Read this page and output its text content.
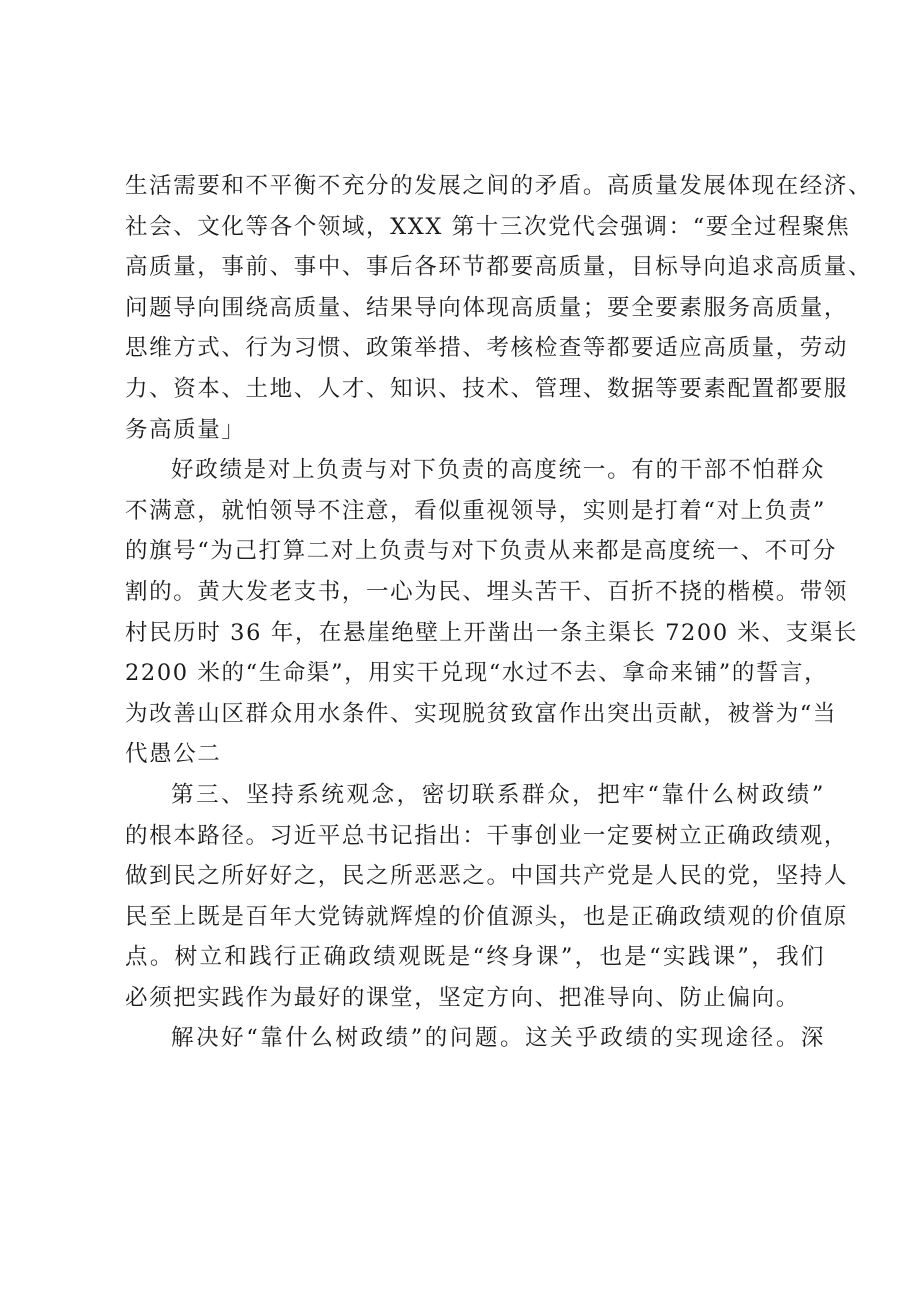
生活需要和不平衡不充分的发展之间的矛盾。高质量发展体现在经济、
社会、文化等各个领域，XXX 第十三次党代会强调：“要全过程聚焦
高质量，事前、事中、事后各环节都要高质量，目标导向追求高质量、
问题导向围绕高质量、结果导向体现高质量；要全要素服务高质量，
思维方式、行为习惯、政策举措、考核检查等都要适应高质量，劳动
力、资本、土地、人才、知识、技术、管理、数据等要素配置都要服
务高质量」
好政绩是对上负责与对下负责的高度统一。有的干部不怕群众
不满意，就怕领导不注意，看似重视领导，实则是打着“对上负责”
的旗号“为己打算二对上负责与对下负责从来都是高度统一、不可分
割的。黄大发老支书，一心为民、埋头苦干、百折不挠的楷模。带领
村民历时 36 年，在悬崖绝壁上开凿出一条主渠长 7200 米、支渠长
2200 米的“生命渠”，用实干兑现“水过不去、拿命来铺”的誓言，
为改善山区群众用水条件、实现脱贫致富作出突出贡献，被誉为“当
代愚公二
第三、坚持系统观念，密切联系群众，把牢“靠什么树政绩”
的根本路径。习近平总书记指出：干事创业一定要树立正确政绩观，
做到民之所好好之，民之所恶恶之。中国共产党是人民的党，坚持人
民至上既是百年大党铸就辉煌的价值源头，也是正确政绩观的价值原
点。树立和践行正确政绩观既是“终身课”，也是“实践课”，我们
必须把实践作为最好的课堂，坚定方向、把准导向、防止偏向。
解决好“靠什么树政绩”的问题。这关乎政绩的实现途径。深
